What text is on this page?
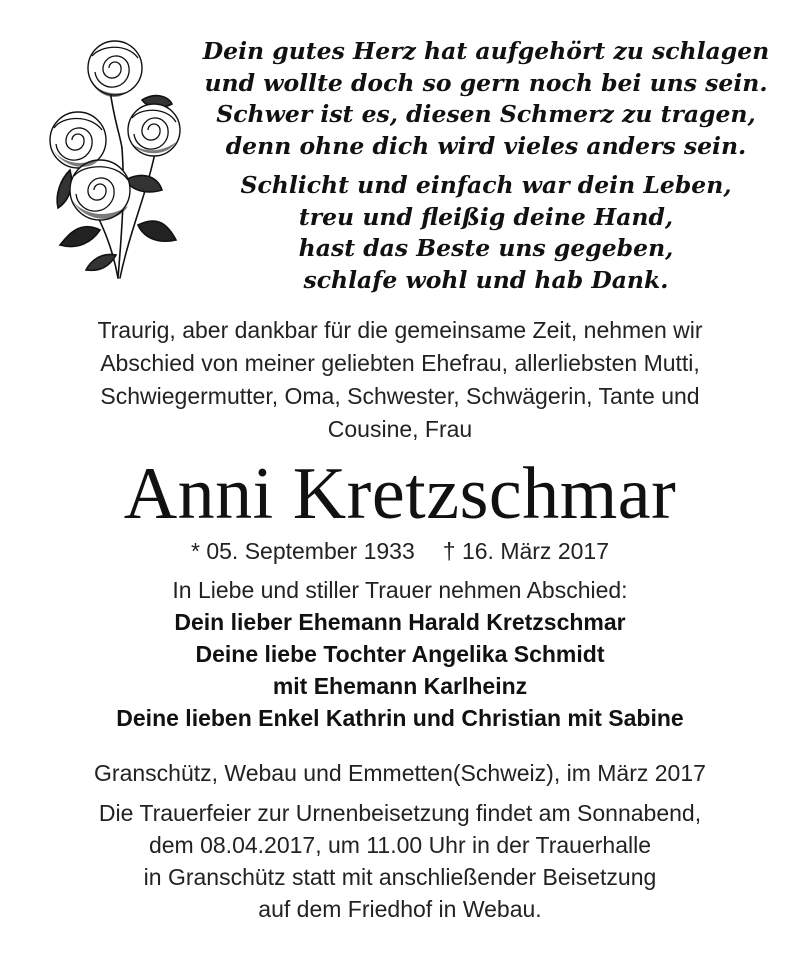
Dein gutes Herz hat aufgehört zu schlagen
und wollte doch so gern noch bei uns sein.
Schwer ist es, diesen Schmerz zu tragen,
denn ohne dich wird vieles anders sein.
Schlicht und einfach war dein Leben,
treu und fleißig deine Hand,
hast das Beste uns gegeben,
schlafe wohl und hab Dank.
Traurig, aber dankbar für die gemeinsame Zeit, nehmen wir
Abschied von meiner geliebten Ehefrau, allerliebsten Mutti,
Schwiegermutter, Oma, Schwester, Schwägerin, Tante und
Cousine, Frau
Anni Kretzschmar
* 05. September 1933 † 16. März 2017
In Liebe und stiller Trauer nehmen Abschied:
Dein lieber Ehemann Harald Kretzschmar
Deine liebe Tochter Angelika Schmidt
mit Ehemann Karlheinz
Deine lieben Enkel Kathrin und Christian mit Sabine
Granschütz, Webau und Emmetten(Schweiz), im März 2017
Die Trauerfeier zur Urnenbeisetzung findet am Sonnabend,
dem 08.04.2017, um 11.00 Uhr in der Trauerhalle
in Granschütz statt mit anschließender Beisetzung
auf dem Friedhof in Webau.
